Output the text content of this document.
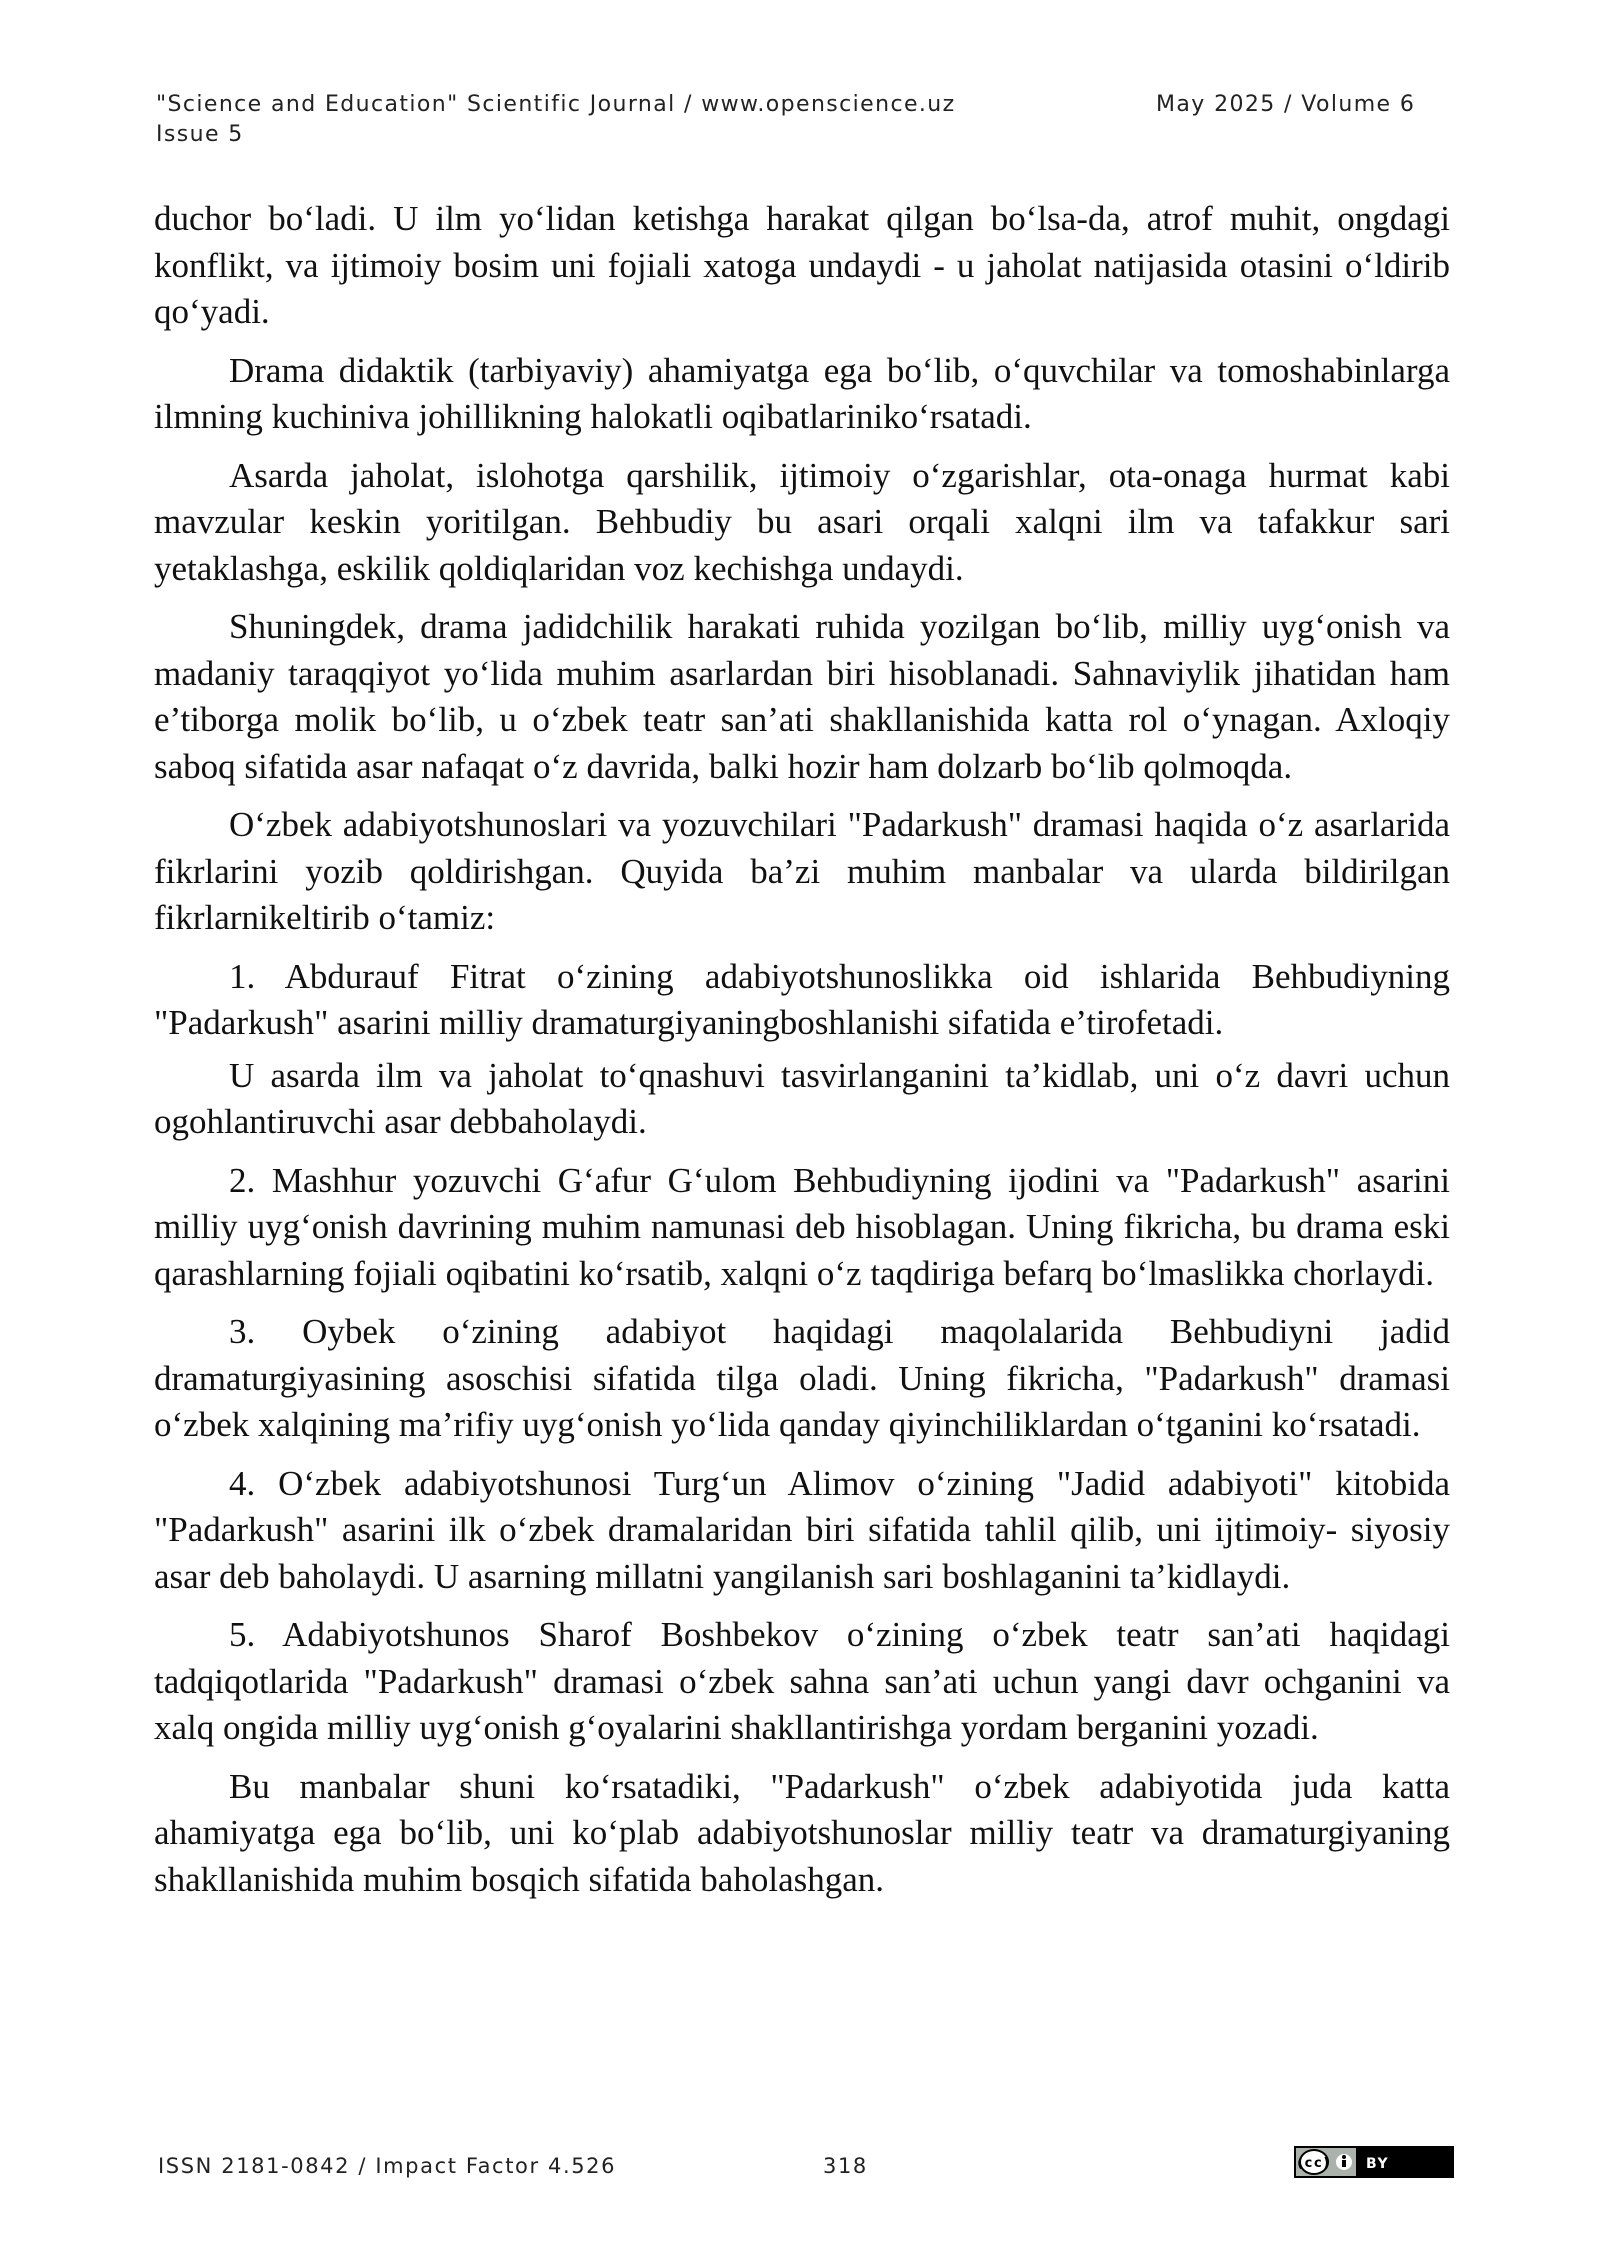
"Science and Education" Scientific Journal / www.openscience.uz	May 2025 / Volume 6
Issue 5

duchor bo‘ladi. U ilm yo‘lidan ketishga harakat qilgan bo‘lsa-da, atrof muhit, ongdagi konflikt, va ijtimoiy bosim uni fojiali xatoga undaydi - u jaholat natijasida otasini o‘ldirib qo‘yadi.

Drama didaktik (tarbiyaviy) ahamiyatga ega bo‘lib, o‘quvchilar va tomoshabinlarga ilmning kuchiniva johillikning halokatli oqibatlariniko‘rsatadi.

Asarda jaholat, islohotga qarshilik, ijtimoiy o‘zgarishlar, ota-onaga hurmat kabi mavzular keskin yoritilgan. Behbudiy bu asari orqali xalqni ilm va tafakkur sari yetaklashga, eskilik qoldiqlaridan voz kechishga undaydi.

Shuningdek, drama jadidchilik harakati ruhida yozilgan bo‘lib, milliy uyg‘onish va madaniy taraqqiyot yo‘lida muhim asarlardan biri hisoblanadi. Sahnaviylik jihatidan ham e’tiborga molik bo‘lib, u o‘zbek teatr san’ati shakllanishida katta rol o‘ynagan. Axloqiy saboq sifatida asar nafaqat o‘z davrida, balki hozir ham dolzarb bo‘lib qolmoqda.

O‘zbek adabiyotshunoslari va yozuvchilari "Padarkush" dramasi haqida o‘z asarlarida fikrlarini yozib qoldirishgan. Quyida ba’zi muhim manbalar va ularda bildirilgan fikrlarnikeltirib o‘tamiz:

1. Abdurauf Fitrat o‘zining adabiyotshunoslikka oid ishlarida Behbudiyning "Padarkush" asarini milliy dramaturgiyaningboshlanishi sifatida e’tirofetadi.

U asarda ilm va jaholat to‘qnashuvi tasvirlanganini ta’kidlab, uni o‘z davri uchun ogohlantiruvchi asar debbaholaydi.

2. Mashhur yozuvchi G‘afur G‘ulom Behbudiyning ijodini va "Padarkush" asarini milliy uyg‘onish davrining muhim namunasi deb hisoblagan. Uning fikricha, bu drama eski qarashlarning fojiali oqibatini ko‘rsatib, xalqni o‘z taqdiriga befarq bo‘lmaslikka chorlaydi.

3. Oybek o‘zining adabiyot haqidagi maqolalarida Behbudiyni jadid dramaturgiyasining asoschisi sifatida tilga oladi. Uning fikricha, "Padarkush" dramasi o‘zbek xalqining ma’rifiy uyg‘onish yo‘lida qanday qiyinchiliklardan o‘tganini ko‘rsatadi.

4. O‘zbek adabiyotshunosi Turg‘un Alimov o‘zining "Jadid adabiyoti" kitobida "Padarkush" asarini ilk o‘zbek dramalaridan biri sifatida tahlil qilib, uni ijtimoiy- siyosiy asar deb baholaydi. U asarning millatni yangilanish sari boshlaganini ta’kidlaydi.

5. Adabiyotshunos Sharof Boshbekov o‘zining o‘zbek teatr san’ati haqidagi tadqiqotlarida "Padarkush" dramasi o‘zbek sahna san’ati uchun yangi davr ochganini va xalq ongida milliy uyg‘onish g‘oyalarini shakllantirishga yordam berganini yozadi.

Bu manbalar shuni ko‘rsatadiki, "Padarkush" o‘zbek adabiyotida juda katta ahamiyatga ega bo‘lib, uni ko‘plab adabiyotshunoslar milliy teatr va dramaturgiyaning shakllanishida muhim bosqich sifatida baholashgan.

ISSN 2181-0842 / Impact Factor 4.526	318	(cc)	BY
